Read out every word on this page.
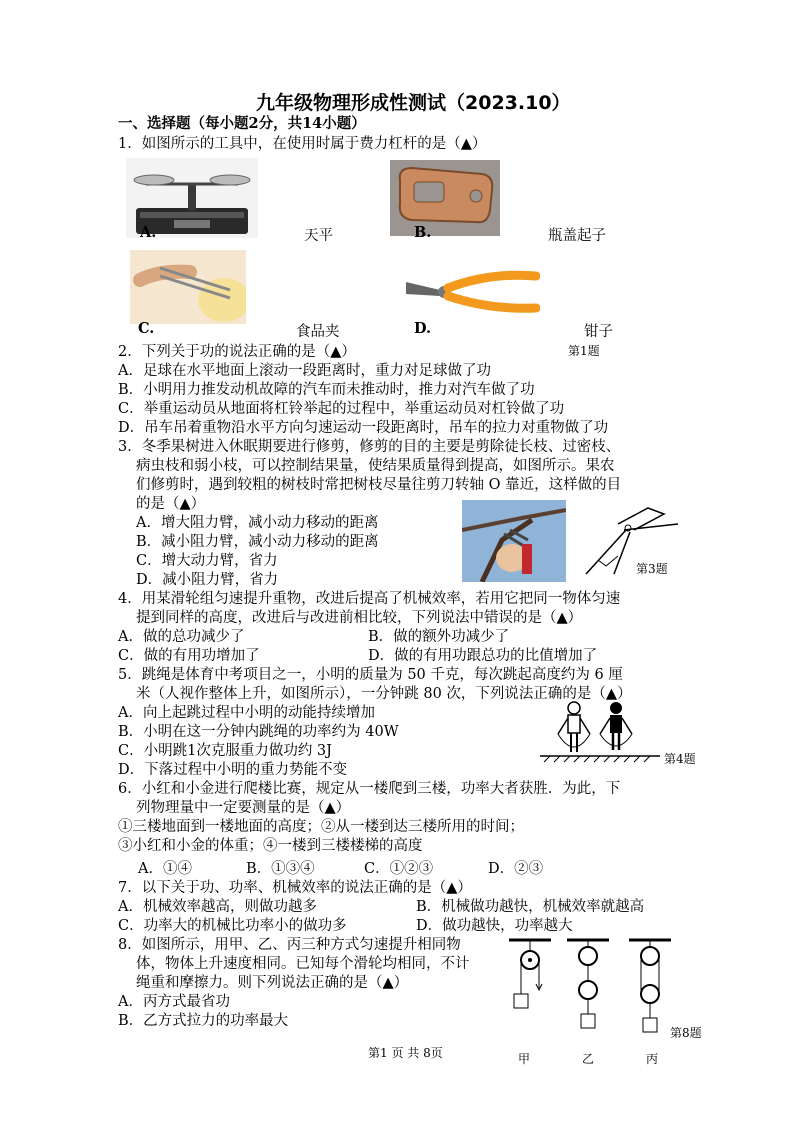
九年级物理形成性测试（2023.10）
一、选择题（每小题2分，共14小题）
1．如图所示的工具中，在使用时属于费力杠杆的是（▲）
A.	天平	B.	瓶盖起子
C.	食品夹	D.	钳子
第1题
2．下列关于功的说法正确的是（▲）
A．足球在水平地面上滚动一段距离时，重力对足球做了功
B．小明用力推发动机故障的汽车而未推动时，推力对汽车做了功
C．举重运动员从地面将杠铃举起的过程中，举重运动员对杠铃做了功
D．吊车吊着重物沿水平方向匀速运动一段距离时，吊车的拉力对重物做了功
3．冬季果树进入休眠期要进行修剪，修剪的目的主要是剪除徒长枝、过密枝、
病虫枝和弱小枝，可以控制结果量，使结果质量得到提高，如图所示。果农
们修剪时，遇到较粗的树枝时常把树枝尽量往剪刀转轴 O 靠近，这样做的目
的是（▲）
A．增大阻力臂，减小动力移动的距离
B．减小阻力臂，减小动力移动的距离
C．增大动力臂，省力
D．减小阻力臂，省力
第3题
4．用某滑轮组匀速提升重物，改进后提高了机械效率，若用它把同一物体匀速
提到同样的高度，改进后与改进前相比较，下列说法中错误的是（▲）
A．做的总功减少了	B．做的额外功减少了
C．做的有用功增加了	D．做的有用功跟总功的比值增加了
5．跳绳是体育中考项目之一，小明的质量为 50 千克，每次跳起高度约为 6 厘
米（人视作整体上升，如图所示），一分钟跳 80 次，下列说法正确的是（▲）
A．向上起跳过程中小明的动能持续增加
B．小明在这一分钟内跳绳的功率约为 40W
C．小明跳1次克服重力做功约 3J
D．下落过程中小明的重力势能不变
第4题
6．小红和小金进行爬楼比赛，规定从一楼爬到三楼，功率大者获胜．为此，下
列物理量中一定要测量的是（▲）
①三楼地面到一楼地面的高度；②从一楼到达三楼所用的时间；
③小红和小金的体重；④一楼到三楼楼梯的高度
A．①④	B．①③④	C．①②③	D．②③
7．以下关于功、功率、机械效率的说法正确的是（▲）
A．机械效率越高，则做功越多	B．机械做功越快，机械效率就越高
C．功率大的机械比功率小的做功多	D．做功越快，功率越大
8．如图所示，用甲、乙、丙三种方式匀速提升相同物
体，物体上升速度相同。已知每个滑轮均相同，不计
绳重和摩擦力。则下列说法正确的是（▲）
A．丙方式最省功
B．乙方式拉力的功率最大
第8题
甲	乙	丙
第1 页 共 8页
